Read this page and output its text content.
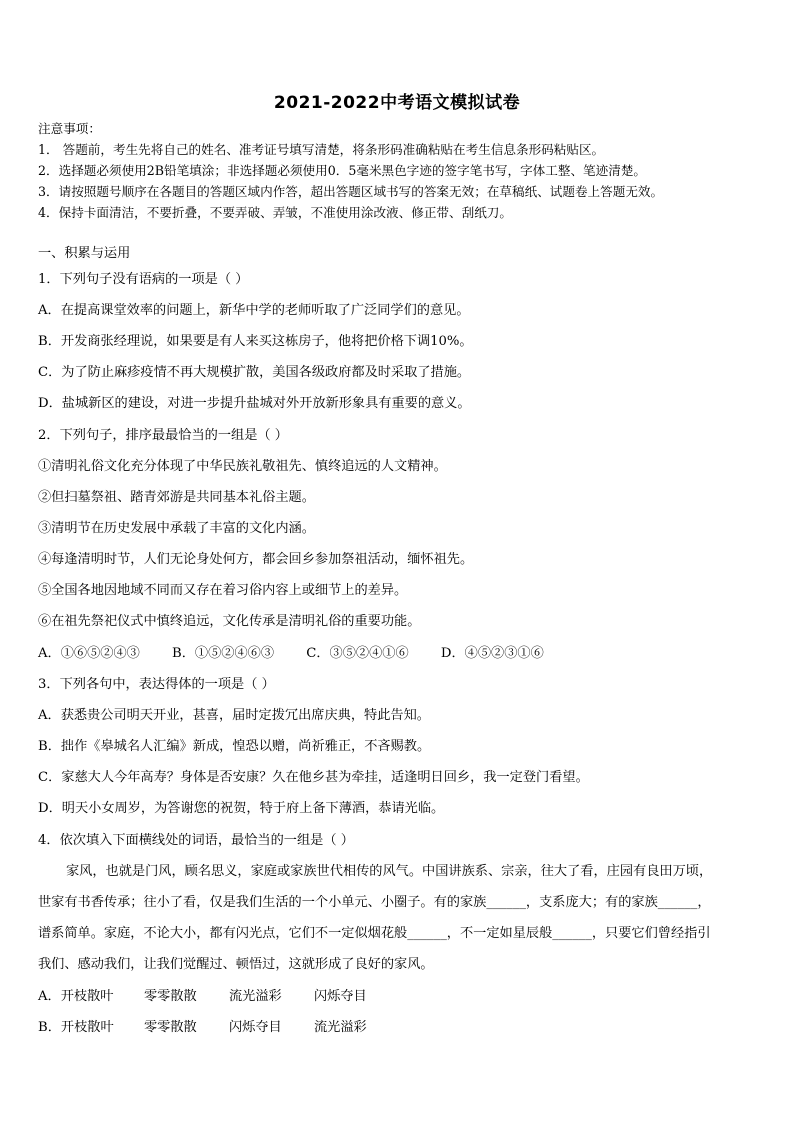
2021-2022中考语文模拟试卷
注意事项：
1． 答题前，考生先将自己的姓名、准考证号填写清楚，将条形码准确粘贴在考生信息条形码粘贴区。
2．选择题必须使用2B铅笔填涂；非选择题必须使用0．5毫米黑色字迹的签字笔书写，字体工整、笔迹清楚。
3．请按照题号顺序在各题目的答题区域内作答，超出答题区域书写的答案无效；在草稿纸、试题卷上答题无效。
4．保持卡面清洁，不要折叠，不要弄破、弄皱，不准使用涂改液、修正带、刮纸刀。
一、积累与运用
1．下列句子没有语病的一项是（ ）
A．在提高课堂效率的问题上，新华中学的老师听取了广泛同学们的意见。
B．开发商张经理说，如果要是有人来买这栋房子，他将把价格下调10%。
C．为了防止麻疹疫情不再大规模扩散，美国各级政府都及时采取了措施。
D．盐城新区的建设，对进一步提升盐城对外开放新形象具有重要的意义。
2．下列句子，排序最最恰当的一组是（ ）
①清明礼俗文化充分体现了中华民族礼敬祖先、慎终追远的人文精神。
②但扫墓祭祖、踏青郊游是共同基本礼俗主题。
③清明节在历史发展中承载了丰富的文化内涵。
④每逢清明时节，人们无论身处何方，都会回乡参加祭祖活动，缅怀祖先。
⑤全国各地因地域不同而又存在着习俗内容上或细节上的差异。
⑥在祖先祭祀仪式中慎终追远，文化传承是清明礼俗的重要功能。
A．①⑥⑤②④③ B．①⑤②④⑥③ C．③⑤②④①⑥ D．④⑤②③①⑥
3．下列各句中，表达得体的一项是（ ）
A．获悉贵公司明天开业，甚喜，届时定拨冗出席庆典，特此告知。
B．拙作《皋城名人汇编》新成，惶恐以赠，尚祈雅正，不吝赐教。
C．家慈大人今年高寿？身体是否安康？久在他乡甚为牵挂，适逢明日回乡，我一定登门看望。
D．明天小女周岁，为答谢您的祝贺，特于府上备下薄酒，恭请光临。
4．依次填入下面横线处的词语，最恰当的一组是（ ）
家风，也就是门风，顾名思义，家庭或家族世代相传的风气。中国讲族系、宗亲，往大了看，庄园有良田万顷，
世家有书香传承；往小了看，仅是我们生活的一个小单元、小圈子。有的家族______，支系庞大；有的家族______，
谱系简单。家庭，不论大小，都有闪光点，它们不一定似烟花般______，不一定如星辰般______，只要它们曾经指引
我们、感动我们，让我们觉醒过、顿悟过，这就形成了良好的家风。
A．开枝散叶 零零散散 流光溢彩 闪烁夺目
B．开枝散叶 零零散散 闪烁夺目 流光溢彩
